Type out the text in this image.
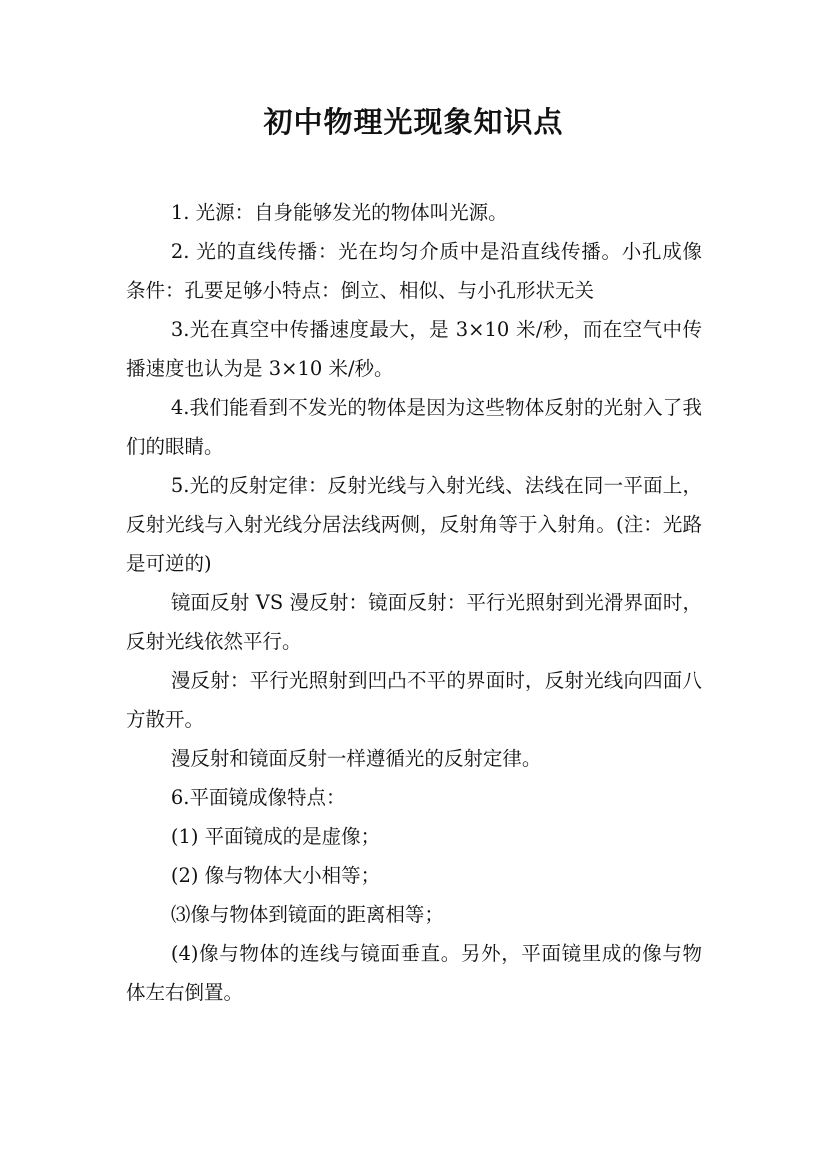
初中物理光现象知识点

1. 光源：自身能够发光的物体叫光源。

2. 光的直线传播：光在均匀介质中是沿直线传播。小孔成像条件：孔要足够小特点：倒立、相似、与小孔形状无关

3.光在真空中传播速度最大，是 3×10 米/秒，而在空气中传播速度也认为是 3×10 米/秒。

4.我们能看到不发光的物体是因为这些物体反射的光射入了我们的眼睛。

5.光的反射定律：反射光线与入射光线、法线在同一平面上，反射光线与入射光线分居法线两侧，反射角等于入射角。(注：光路是可逆的)

镜面反射 VS 漫反射：镜面反射：平行光照射到光滑界面时，反射光线依然平行。

漫反射：平行光照射到凹凸不平的界面时，反射光线向四面八方散开。

漫反射和镜面反射一样遵循光的反射定律。

6.平面镜成像特点：

(1) 平面镜成的是虚像；

(2) 像与物体大小相等；

⑶像与物体到镜面的距离相等；

(4)像与物体的连线与镜面垂直。另外，平面镜里成的像与物体左右倒置。
